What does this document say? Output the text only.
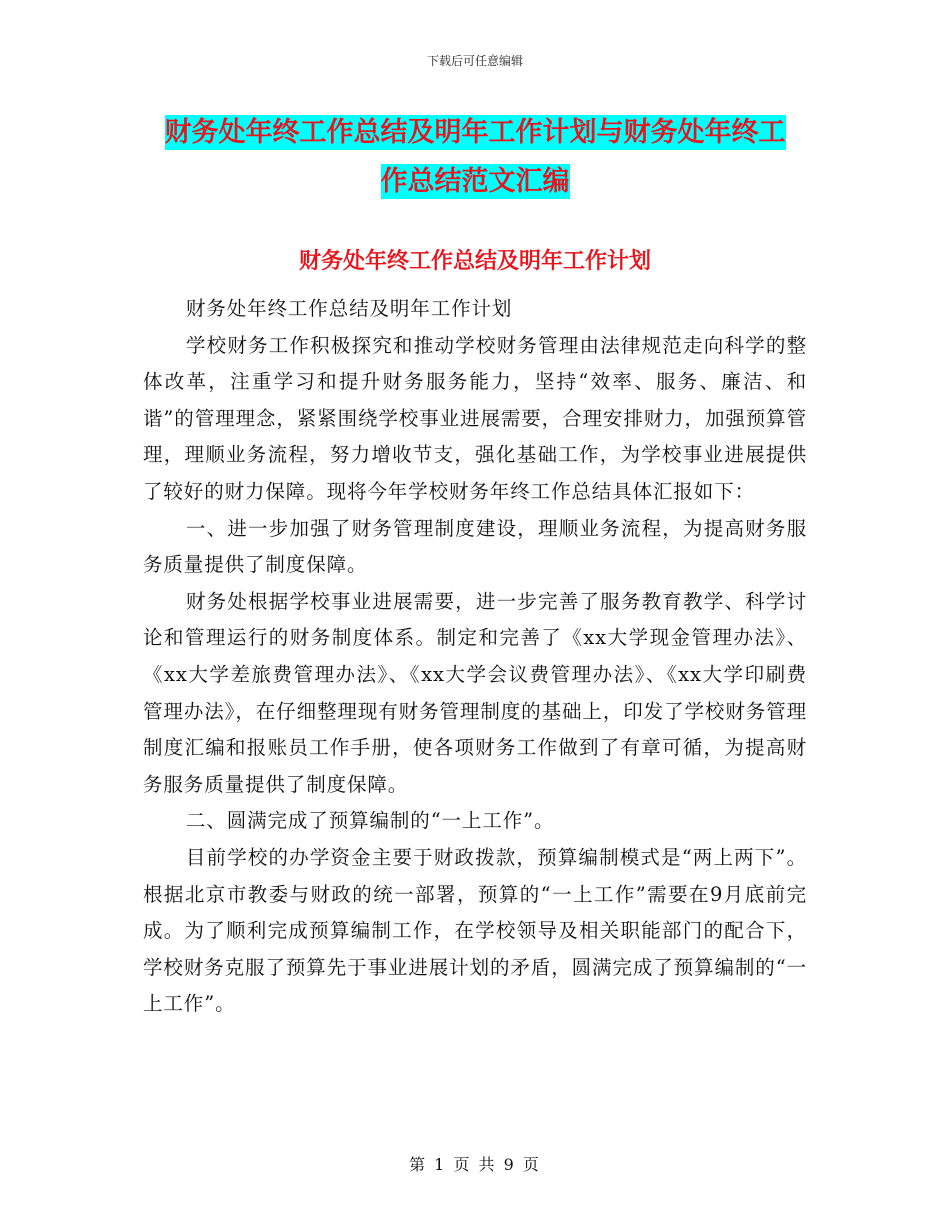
下载后可任意编辑
财务处年终工作总结及明年工作计划与财务处年终工
作总结范文汇编
财务处年终工作总结及明年工作计划

财务处年终工作总结及明年工作计划

学校财务工作积极探究和推动学校财务管理由法律规范走向科学的整体改革，注重学习和提升财务服务能力，坚持“效率、服务、廉洁、和谐”的管理理念，紧紧围绕学校事业进展需要，合理安排财力，加强预算管理，理顺业务流程，努力增收节支，强化基础工作，为学校事业进展提供了较好的财力保障。现将今年学校财务年终工作总结具体汇报如下：

一、进一步加强了财务管理制度建设，理顺业务流程，为提高财务服务质量提供了制度保障。

财务处根据学校事业进展需要，进一步完善了服务教育教学、科学讨论和管理运行的财务制度体系。制定和完善了《xx大学现金管理办法》、《xx大学差旅费管理办法》、《xx大学会议费管理办法》、《xx大学印刷费管理办法》，在仔细整理现有财务管理制度的基础上，印发了学校财务管理制度汇编和报账员工作手册，使各项财务工作做到了有章可循，为提高财务服务质量提供了制度保障。

二、圆满完成了预算编制的“一上工作”。

目前学校的办学资金主要于财政拨款，预算编制模式是“两上两下”。根据北京市教委与财政的统一部署，预算的“一上工作”需要在9月底前完成。为了顺利完成预算编制工作，在学校领导及相关职能部门的配合下，学校财务克服了预算先于事业进展计划的矛盾，圆满完成了预算编制的“一上工作”。

第 1 页 共 9 页
